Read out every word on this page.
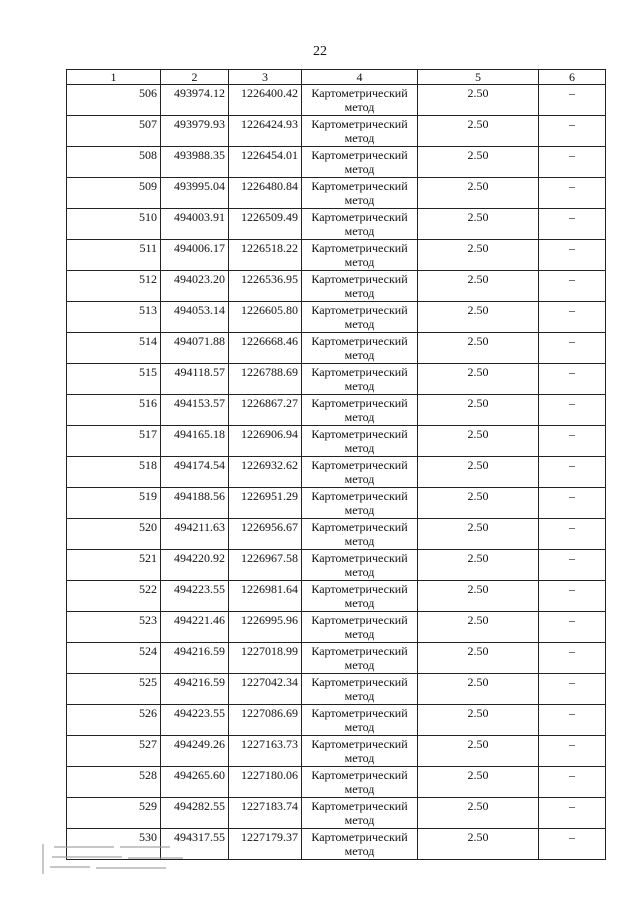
22
1	2	3	4	5	6
506	493974.12	1226400.42	Картометрический метод	2.50	–
507	493979.93	1226424.93	Картометрический метод	2.50	–
508	493988.35	1226454.01	Картометрический метод	2.50	–
509	493995.04	1226480.84	Картометрический метод	2.50	–
510	494003.91	1226509.49	Картометрический метод	2.50	–
511	494006.17	1226518.22	Картометрический метод	2.50	–
512	494023.20	1226536.95	Картометрический метод	2.50	–
513	494053.14	1226605.80	Картометрический метод	2.50	–
514	494071.88	1226668.46	Картометрический метод	2.50	–
515	494118.57	1226788.69	Картометрический метод	2.50	–
516	494153.57	1226867.27	Картометрический метод	2.50	–
517	494165.18	1226906.94	Картометрический метод	2.50	–
518	494174.54	1226932.62	Картометрический метод	2.50	–
519	494188.56	1226951.29	Картометрический метод	2.50	–
520	494211.63	1226956.67	Картометрический метод	2.50	–
521	494220.92	1226967.58	Картометрический метод	2.50	–
522	494223.55	1226981.64	Картометрический метод	2.50	–
523	494221.46	1226995.96	Картометрический метод	2.50	–
524	494216.59	1227018.99	Картометрический метод	2.50	–
525	494216.59	1227042.34	Картометрический метод	2.50	–
526	494223.55	1227086.69	Картометрический метод	2.50	–
527	494249.26	1227163.73	Картометрический метод	2.50	–
528	494265.60	1227180.06	Картометрический метод	2.50	–
529	494282.55	1227183.74	Картометрический метод	2.50	–
530	494317.55	1227179.37	Картометрический метод	2.50	–
